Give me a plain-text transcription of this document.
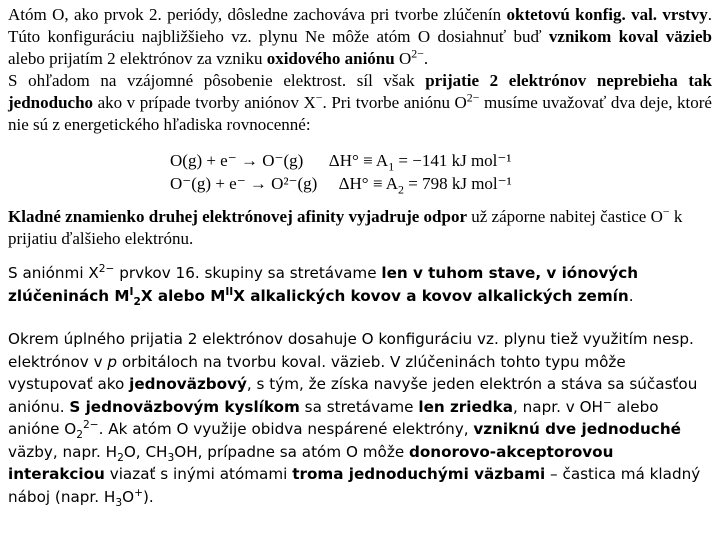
Atóm O, ako prvok 2. periódy, dôsledne zachováva pri tvorbe zlúčenín oktetovú konfig. val. vrstvy. Túto konfiguráciu najbližšieho vz. plynu Ne môže atóm O dosiahnuť buď vznikom koval väzieb alebo prijatím 2 elektrónov za vzniku oxidového aniónu $O^{2-}$.
S ohľadom na vzájomné pôsobenie elektrost. síl však prijatie 2 elektrónov neprebieha tak jednoducho ako v prípade tvorby aniónov X−. Pri tvorbe aniónu $O^{2-}$ musíme uvažovať dva deje, ktoré nie sú z energetického hľadiska rovnocenné:
O(g) + e⁻ → O⁻(g)      $\Delta H^\circ \equiv A_1 = -141$ kJ mol⁻¹
O⁻(g) + e⁻ → O²⁻(g)     $\Delta H^\circ \equiv A_2 = 798$ kJ mol⁻¹
Kladné znamienko druhej elektrónovej afinity vyjadruje odpor už záporne nabitej častice O− k prijatiu ďalšieho elektrónu.
S aniónmi $X^{2-}$ prvkov 16. skupiny sa stretávame len v tuhom stave, v iónových zlúčeninách $M^I_2X$ alebo $M^{II}X$ alkalických kovov a kovov alkalických zemín.
Okrem úplného prijatia 2 elektrónov dosahuje O konfiguráciu vz. plynu tiež využitím nesp. elektrónov v p orbitáloch na tvorbu koval. väzieb. V zlúčeninách tohto typu môže vystupovať ako jednoväzbový, s tým, že získa navyše jeden elektrón a stáva sa súčasťou aniónu. S jednoväzbovým kyslíkom sa stretávame len zriedka, napr. v OH− alebo anióne $O_2^{2-}$. Ak atóm O využije obidva nespárené elektróny, vzniknú dve jednoduché väzby, napr. $H_2O$, $CH_3OH$, prípadne sa atóm O môže donorovo-akceptorovou interakciou viazať s inými atómami troma jednoduchými väzbami – častica má kladný náboj (napr. $H_3O^+$).
